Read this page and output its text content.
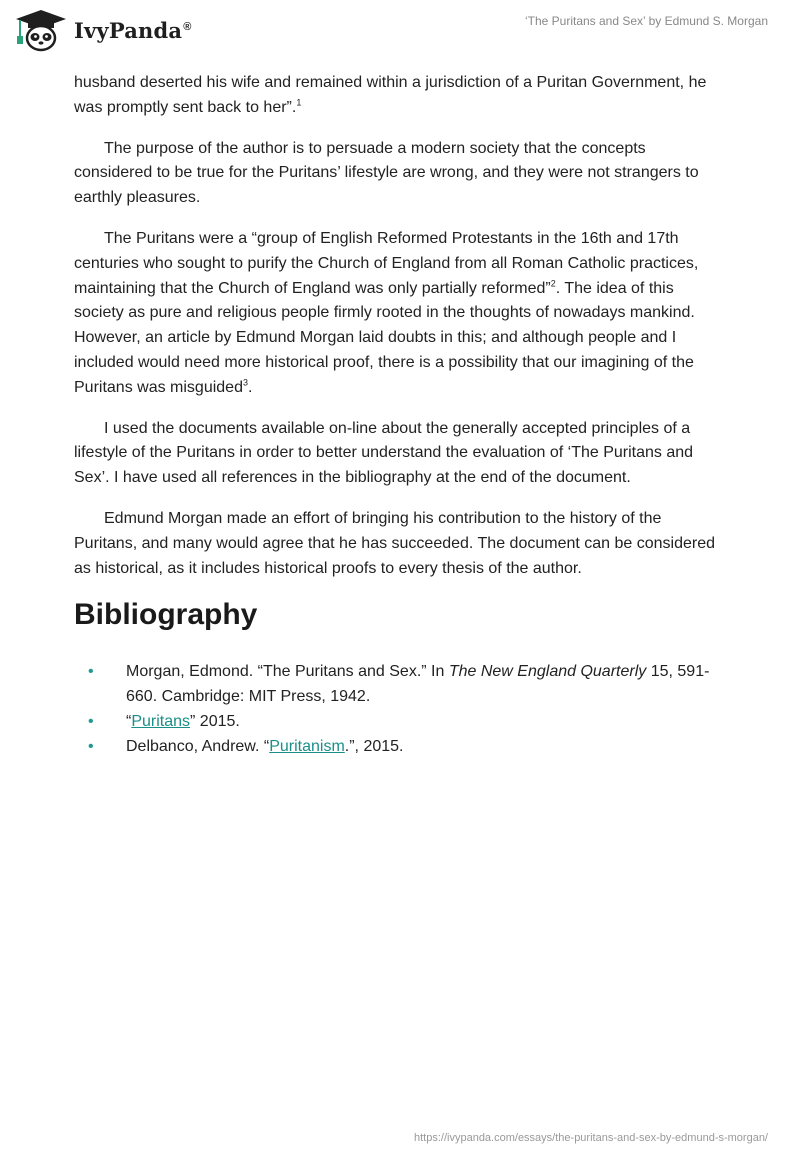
IvyPanda®	‘The Puritans and Sex’ by Edmund S. Morgan

husband deserted his wife and remained within a jurisdiction of a Puritan Government, he was promptly sent back to her”.$^1$

The purpose of the author is to persuade a modern society that the concepts considered to be true for the Puritans’ lifestyle are wrong, and they were not strangers to earthly pleasures.

The Puritans were a “group of English Reformed Protestants in the 16th and 17th centuries who sought to purify the Church of England from all Roman Catholic practices, maintaining that the Church of England was only partially reformed”$^2$. The idea of this society as pure and religious people firmly rooted in the thoughts of nowadays mankind. However, an article by Edmund Morgan laid doubts in this; and although people and I included would need more historical proof, there is a possibility that our imagining of the Puritans was misguided$^3$.

I used the documents available on-line about the generally accepted principles of a lifestyle of the Puritans in order to better understand the evaluation of ‘The Puritans and Sex’. I have used all references in the bibliography at the end of the document.

Edmund Morgan made an effort of bringing his contribution to the history of the Puritans, and many would agree that he has succeeded. The document can be considered as historical, as it includes historical proofs to every thesis of the author.

Bibliography
• Morgan, Edmond. “The Puritans and Sex.” In The New England Quarterly 15, 591-660. Cambridge: MIT Press, 1942.
• “Puritans” 2015.
• Delbanco, Andrew. “Puritanism.”, 2015.
https://ivypanda.com/essays/the-puritans-and-sex-by-edmund-s-morgan/
